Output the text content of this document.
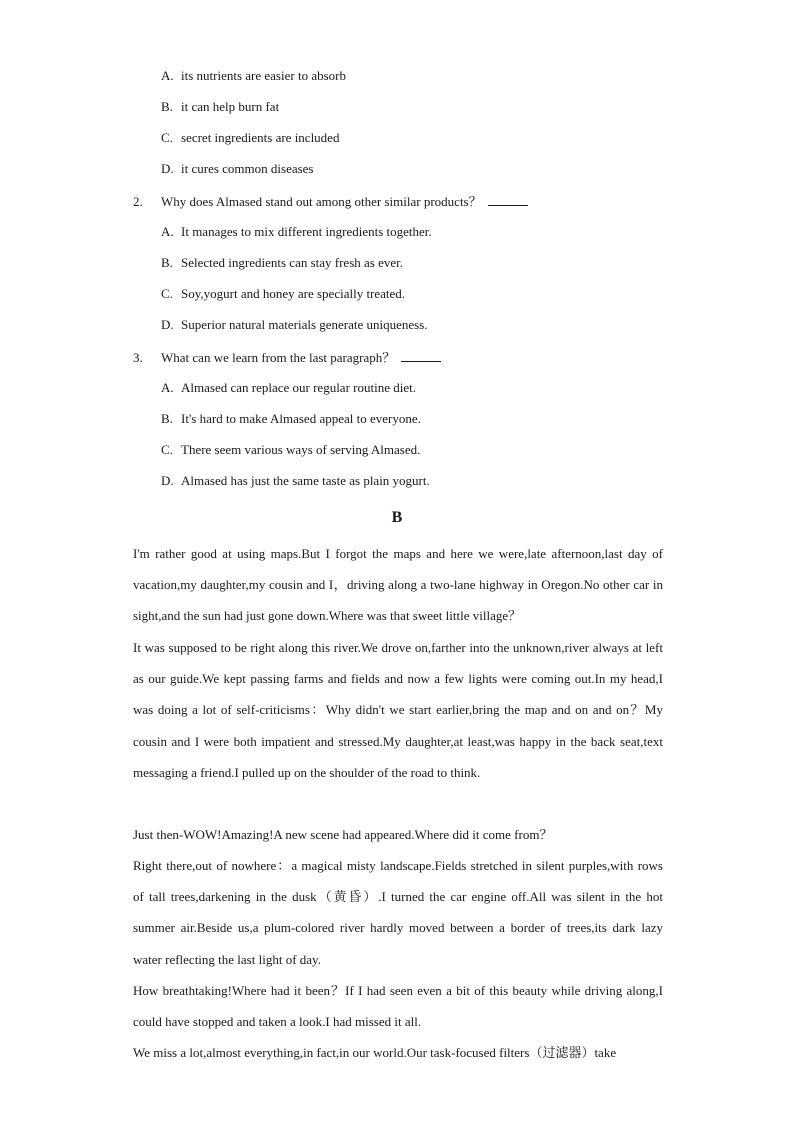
A. its nutrients are easier to absorb
B. it can help burn fat
C. secret ingredients are included
D. it cures common diseases
2. Why does Almased stand out among other similar products？
A. It manages to mix different ingredients together.
B. Selected ingredients can stay fresh as ever.
C. Soy,yogurt and honey are specially treated.
D. Superior natural materials generate uniqueness.
3. What can we learn from the last paragraph？
A. Almased can replace our regular routine diet.
B. It's hard to make Almased appeal to everyone.
C. There seem various ways of serving Almased.
D. Almased has just the same taste as plain yogurt.
B
I'm rather good at using maps.But I forgot the maps and here we were,late afternoon,last day of vacation,my daughter,my cousin and I，driving along a two-lane highway in Oregon.No other car in sight,and the sun had just gone down.Where was that sweet little village？
It was supposed to be right along this river.We drove on,farther into the unknown,river always at left as our guide.We kept passing farms and fields and now a few lights were coming out.In my head,I was doing a lot of self-criticisms：Why didn't we start earlier,bring the map and on and on？My cousin and I were both impatient and stressed.My daughter,at least,was happy in the back seat,text messaging a friend.I pulled up on the shoulder of the road to think.
Just then-WOW!Amazing!A new scene had appeared.Where did it come from？
Right there,out of nowhere：a magical misty landscape.Fields stretched in silent purples,with rows of tall trees,darkening in the dusk（黄昏）.I turned the car engine off.All was silent in the hot summer air.Beside us,a plum-colored river hardly moved between a border of trees,its dark lazy water reflecting the last light of day.
How breathtaking!Where had it been？If I had seen even a bit of this beauty while driving along,I could have stopped and taken a look.I had missed it all.
We miss a lot,almost everything,in fact,in our world.Our task-focused filters（过滤器）take
